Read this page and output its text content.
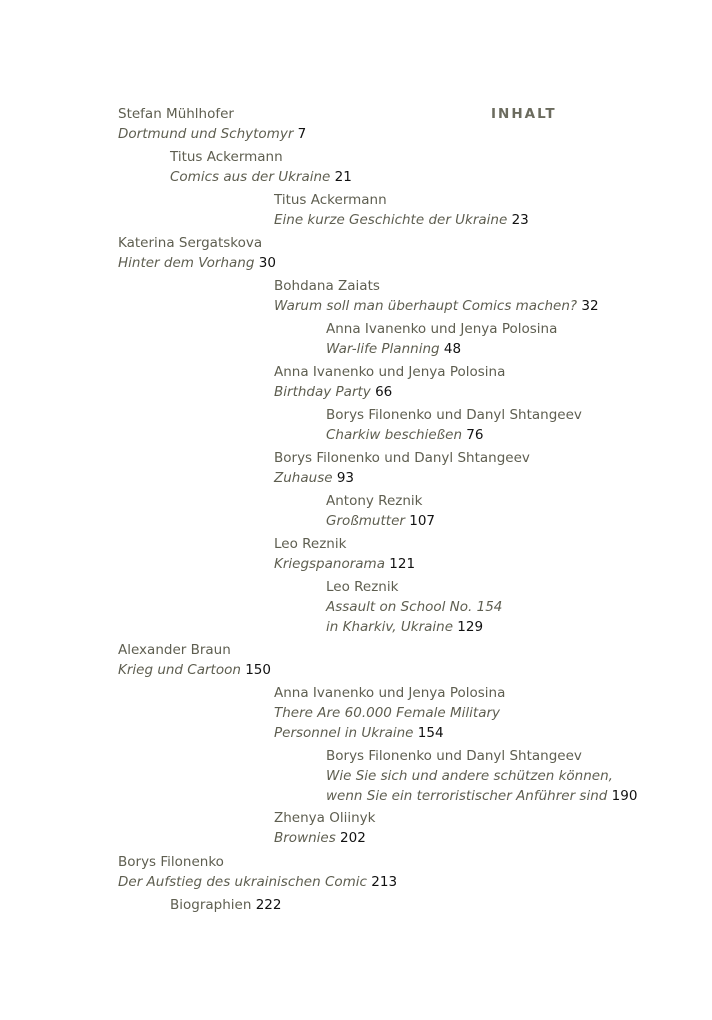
INHALT
Stefan Mühlhofer
Dortmund und Schytomyr 7
Titus Ackermann
Comics aus der Ukraine 21
Titus Ackermann
Eine kurze Geschichte der Ukraine 23
Katerina Sergatskova
Hinter dem Vorhang 30
Bohdana Zaiats
Warum soll man überhaupt Comics machen? 32
Anna Ivanenko und Jenya Polosina
War-life Planning 48
Anna Ivanenko und Jenya Polosina
Birthday Party 66
Borys Filonenko und Danyl Shtangeev
Charkiw beschießen 76
Borys Filonenko und Danyl Shtangeev
Zuhause 93
Antony Reznik
Großmutter 107
Leo Reznik
Kriegspanorama 121
Leo Reznik
Assault on School No. 154
in Kharkiv, Ukraine 129
Alexander Braun
Krieg und Cartoon 150
Anna Ivanenko und Jenya Polosina
There Are 60.000 Female Military
Personnel in Ukraine 154
Borys Filonenko und Danyl Shtangeev
Wie Sie sich und andere schützen können,
wenn Sie ein terroristischer Anführer sind 190
Zhenya Oliinyk
Brownies 202
Borys Filonenko
Der Aufstieg des ukrainischen Comic 213
Biographien 222
